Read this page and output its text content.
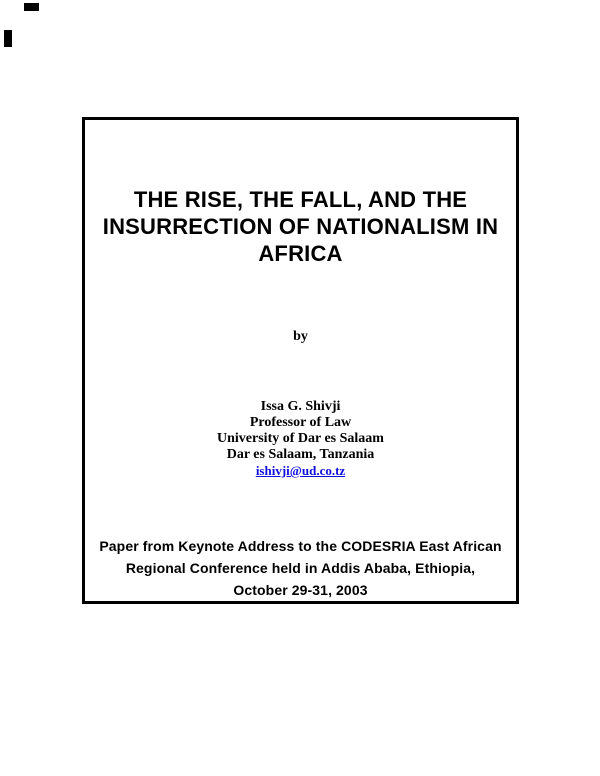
THE RISE, THE FALL, AND THE
INSURRECTION OF NATIONALISM IN
AFRICA
by
Issa G. Shivji
Professor of Law
University of Dar es Salaam
Dar es Salaam, Tanzania
ishivji@ud.co.tz
Paper from Keynote Address to the CODESRIA East African
Regional Conference held in Addis Ababa, Ethiopia,
October 29-31, 2003
